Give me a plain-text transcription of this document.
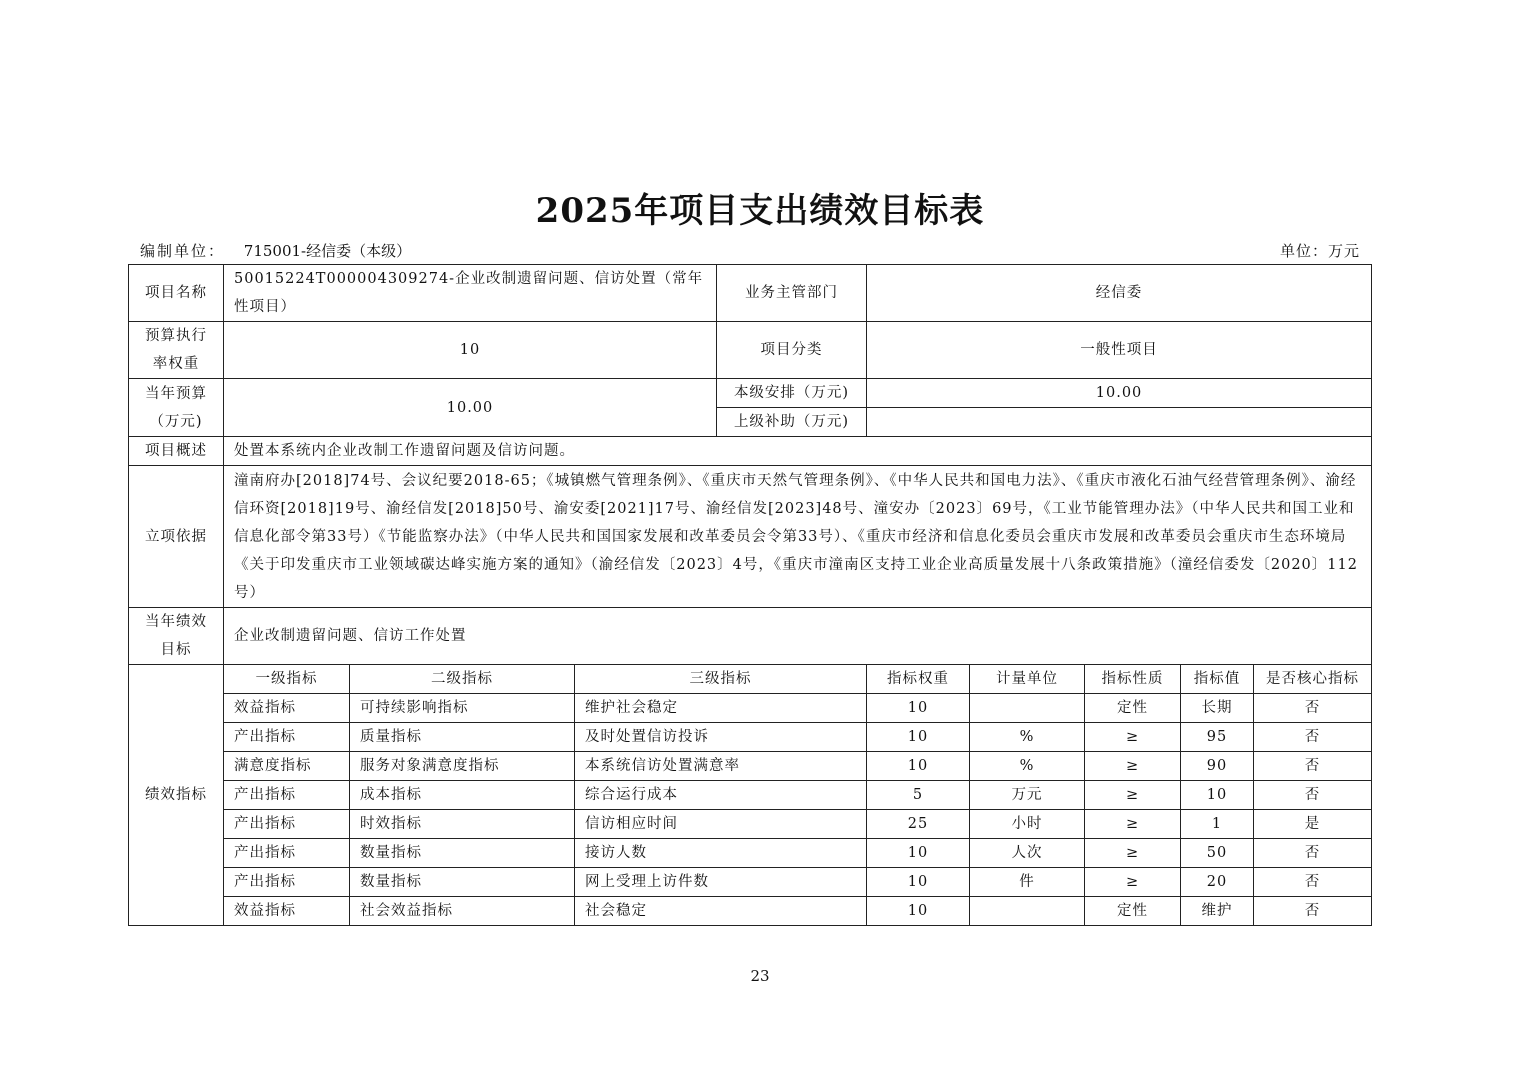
2025年项目支出绩效目标表
编制单位： 715001-经信委（本级）	单位：万元
项目名称	50015224T000004309274-企业改制遗留问题、信访处置（常年性项目）			业务主管部门	经信委				
预算执行率权重	10			项目分类	一般性项目				
当年预算（万元)	10.00			本级安排（万元)	10.00				
				上级补助（万元)					
项目概述	处置本系统内企业改制工作遗留问题及信访问题。								
立项依据	潼南府办[2018]74号、会议纪要2018-65；《城镇燃气管理条例》、《重庆市天然气管理条例》、《中华人民共和国电力法》、《重庆市液化石油气经营管理条例》、渝经信环资[2018]19号、渝经信发[2018]50号、渝安委[2021]17号、渝经信发[2023]48号、潼安办〔2023〕69号，《工业节能管理办法》（中华人民共和国工业和信息化部令第33号）《节能监察办法》（中华人民共和国国家发展和改革委员会令第33号）、《重庆市经济和信息化委员会重庆市发展和改革委员会重庆市生态环境局《关于印发重庆市工业领域碳达峰实施方案的通知》（渝经信发〔2023〕4号，《重庆市潼南区支持工业企业高质量发展十八条政策措施》（潼经信委发〔2020〕112号）								
当年绩效目标	企业改制遗留问题、信访工作处置								
绩效指标	一级指标	二级指标	三级指标		指标权重	计量单位	指标性质	指标值	是否核心指标
	效益指标	可持续影响指标	维护社会稳定		10		定性	长期	否
	产出指标	质量指标	及时处置信访投诉		10	%	≥	95	否
	满意度指标	服务对象满意度指标	本系统信访处置满意率		10	%	≥	90	否
	产出指标	成本指标	综合运行成本		5	万元	≥	10	否
	产出指标	时效指标	信访相应时间		25	小时	≥	1	是
	产出指标	数量指标	接访人数		10	人次	≥	50	否
	产出指标	数量指标	网上受理上访件数		10	件	≥	20	否
	效益指标	社会效益指标	社会稳定		10		定性	维护	否
23
